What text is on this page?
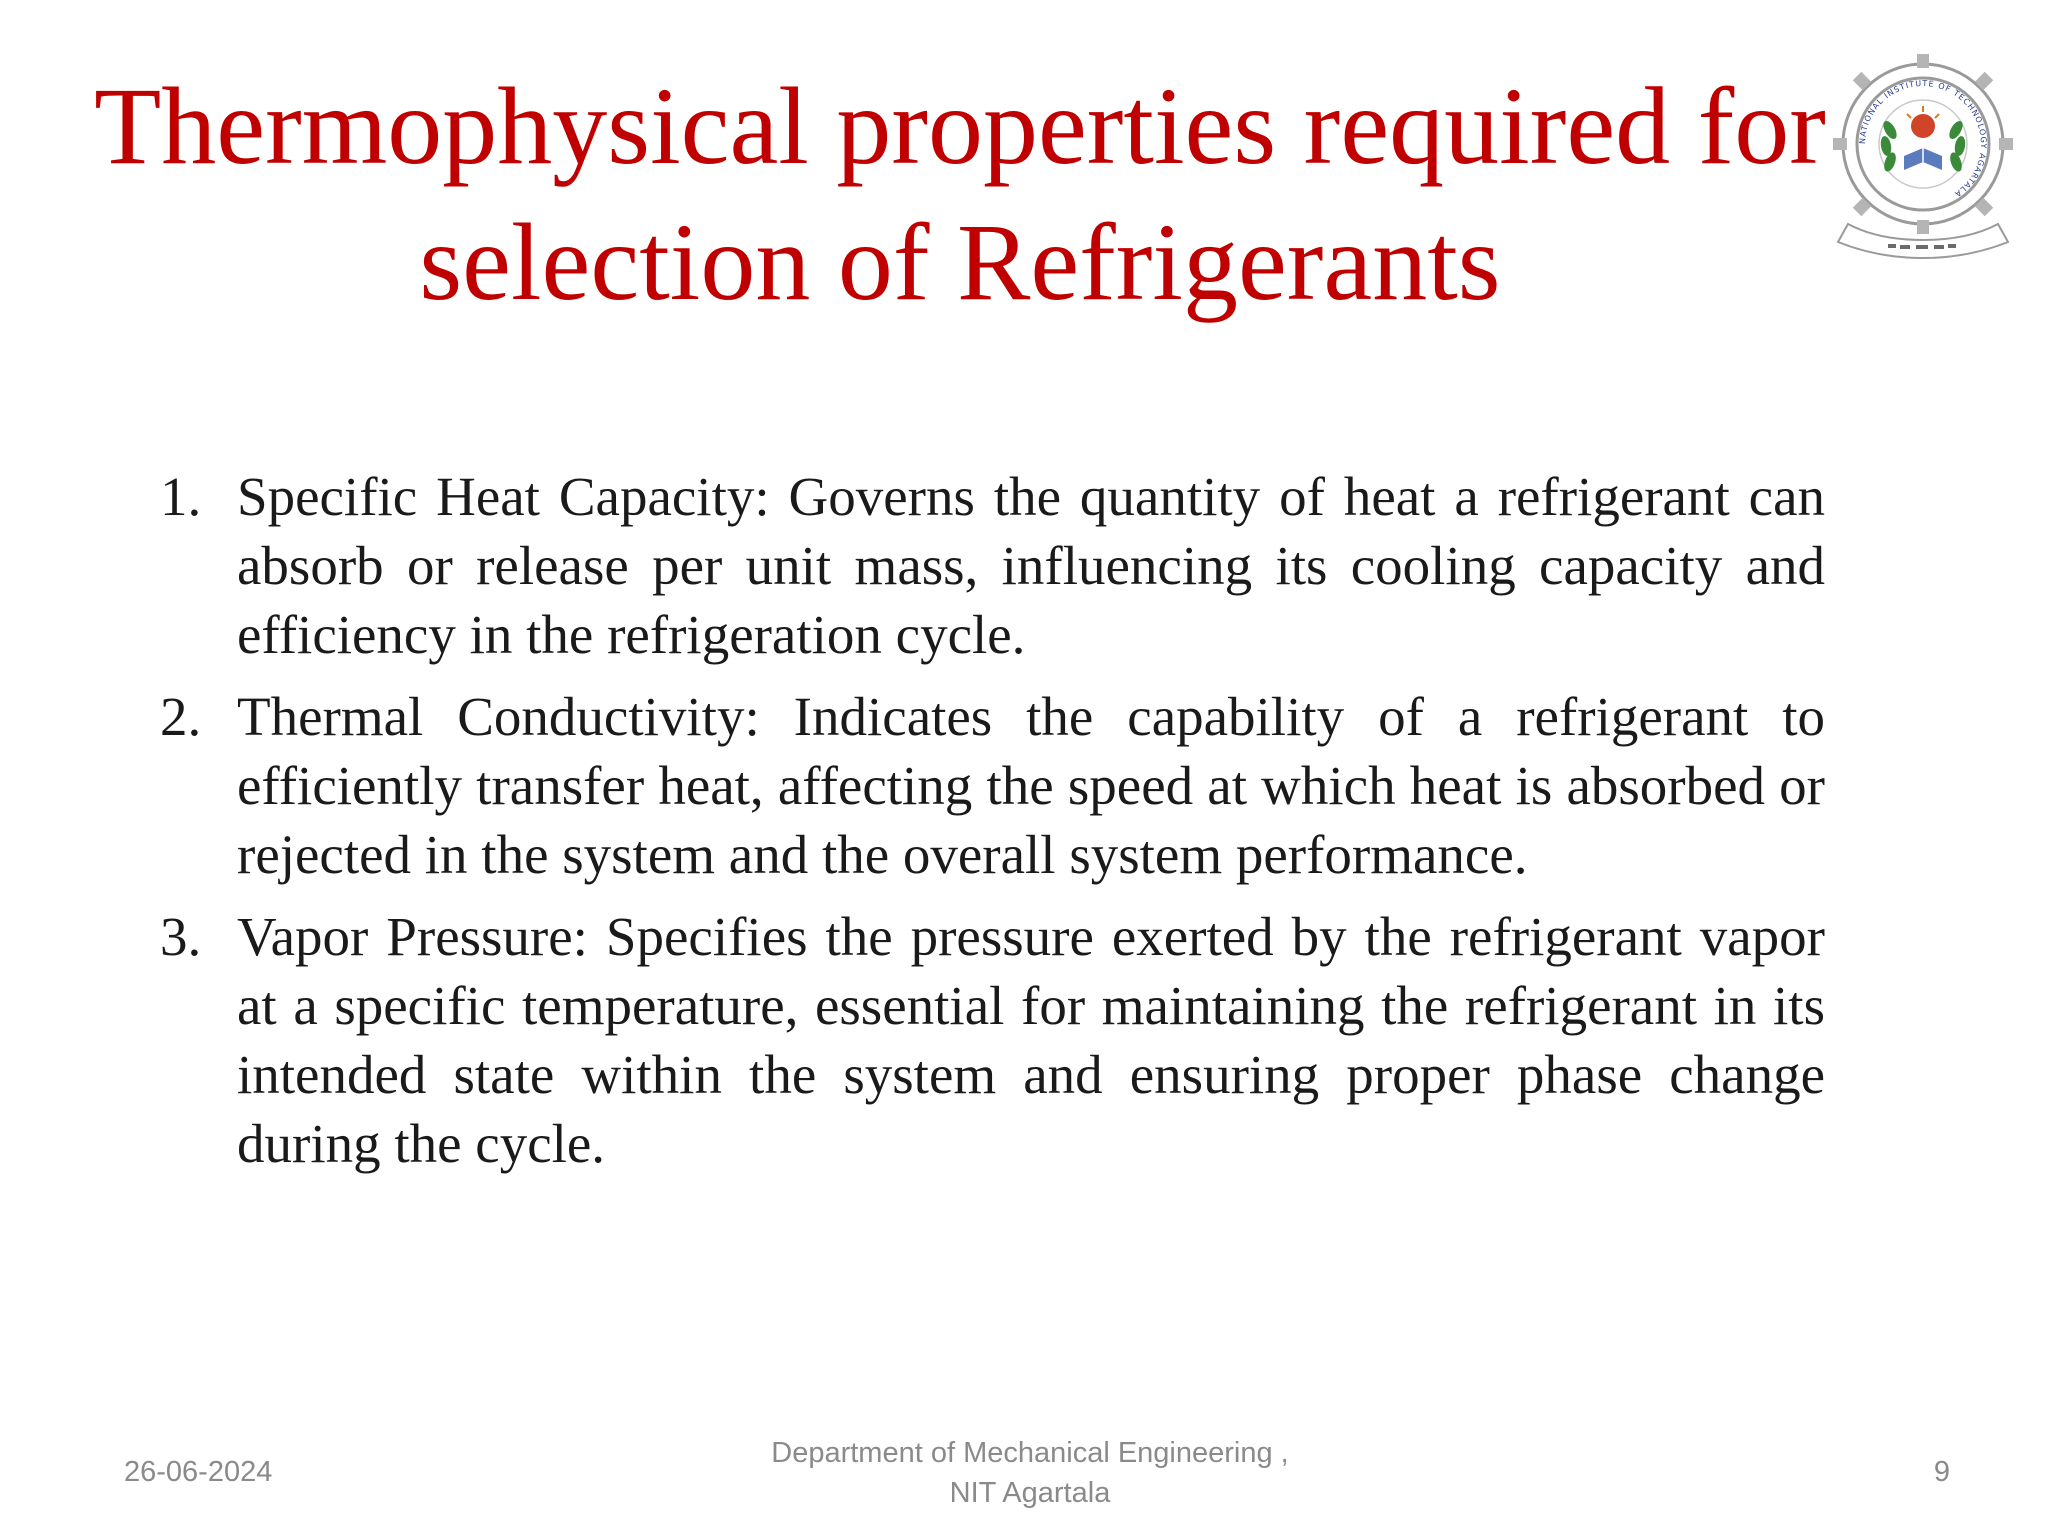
Thermophysical properties required for
selection of Refrigerants
NATIONAL INSTITUTE OF TECHNOLOGY AGARTALA
1. Specific Heat Capacity: Governs the quantity of heat a refrigerant can absorb or release per unit mass, influencing its cooling capacity and efficiency in the refrigeration cycle.
2. Thermal Conductivity: Indicates the capability of a refrigerant to efficiently transfer heat, affecting the speed at which heat is absorbed or rejected in the system and the overall system performance.
3. Vapor Pressure: Specifies the pressure exerted by the refrigerant vapor at a specific temperature, essential for maintaining the refrigerant in its intended state within the system and ensuring proper phase change during the cycle.
26-06-2024
Department of Mechanical Engineering ,
NIT Agartala
9
